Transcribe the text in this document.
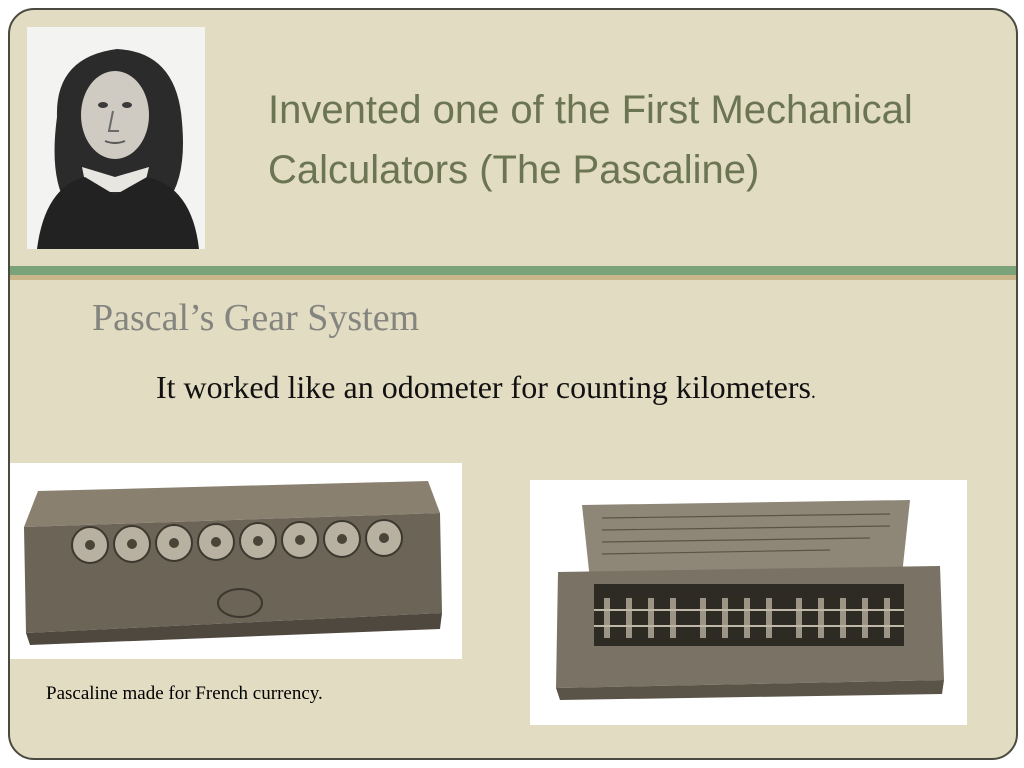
Invented one of the First Mechanical Calculators (The Pascaline)
Pascal’s Gear System
It worked like an odometer for counting kilometers.
Pascaline made for French currency.
